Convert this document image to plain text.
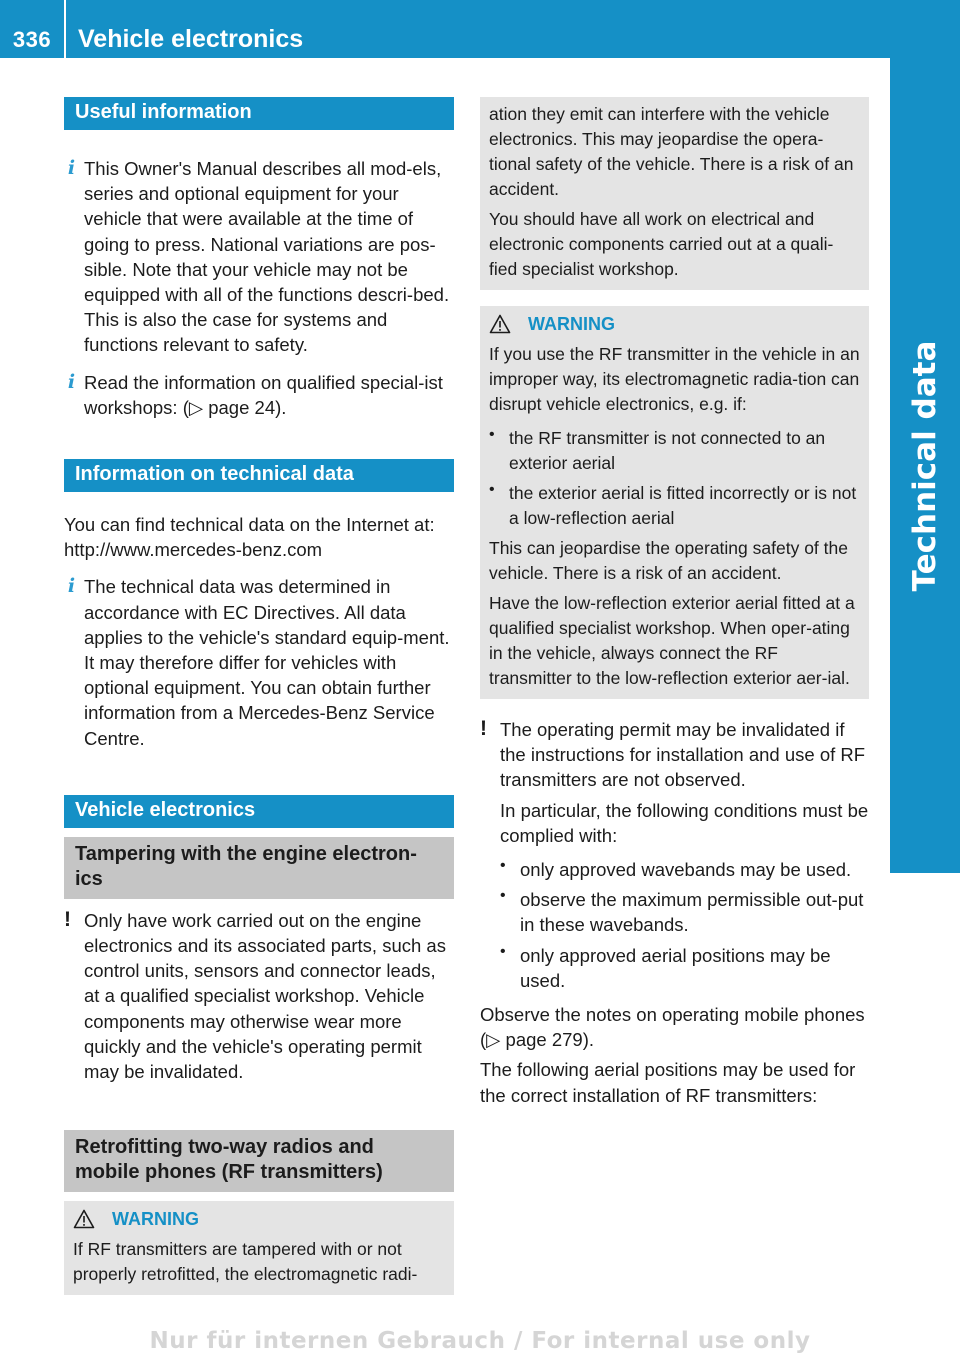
336	Vehicle electronics
Technical data
Useful information
i This Owner's Manual describes all mod-els, series and optional equipment for your vehicle that were available at the time of going to press. National variations are pos-sible. Note that your vehicle may not be equipped with all of the functions descri-bed. This is also the case for systems and functions relevant to safety.

i Read the information on qualified special-ist workshops: (▷ page 24).

Information on technical data

You can find technical data on the Internet at: http://www.mercedes-benz.com

i The technical data was determined in accordance with EC Directives. All data applies to the vehicle's standard equip-ment. It may therefore differ for vehicles with optional equipment. You can obtain further information from a Mercedes-Benz Service Centre.

Vehicle electronics
Tampering with the engine electron-ics
! Only have work carried out on the engine electronics and its associated parts, such as control units, sensors and connector leads, at a qualified specialist workshop. Vehicle components may otherwise wear more quickly and the vehicle's operating permit may be invalidated.

Retrofitting two-way radios and mobile phones (RF transmitters)
WARNING

If RF transmitters are tampered with or not properly retrofitted, the electromagnetic radi-

ation they emit can interfere with the vehicle electronics. This may jeopardise the opera-tional safety of the vehicle. There is a risk of an accident.

You should have all work on electrical and electronic components carried out at a quali-fied specialist workshop.

WARNING

If you use the RF transmitter in the vehicle in an improper way, its electromagnetic radia-tion can disrupt vehicle electronics, e.g. if:

• the RF transmitter is not connected to an exterior aerial

• the exterior aerial is fitted incorrectly or is not a low-reflection aerial

This can jeopardise the operating safety of the vehicle. There is a risk of an accident.

Have the low-reflection exterior aerial fitted at a qualified specialist workshop. When oper-ating in the vehicle, always connect the RF transmitter to the low-reflection exterior aer-ial.

! The operating permit may be invalidated if the instructions for installation and use of RF transmitters are not observed.

In particular, the following conditions must be complied with:

• only approved wavebands may be used.

• observe the maximum permissible out-put in these wavebands.

• only approved aerial positions may be used.

Observe the notes on operating mobile phones (▷ page 279).

The following aerial positions may be used for the correct installation of RF transmitters:

Nur für internen Gebrauch / For internal use only
